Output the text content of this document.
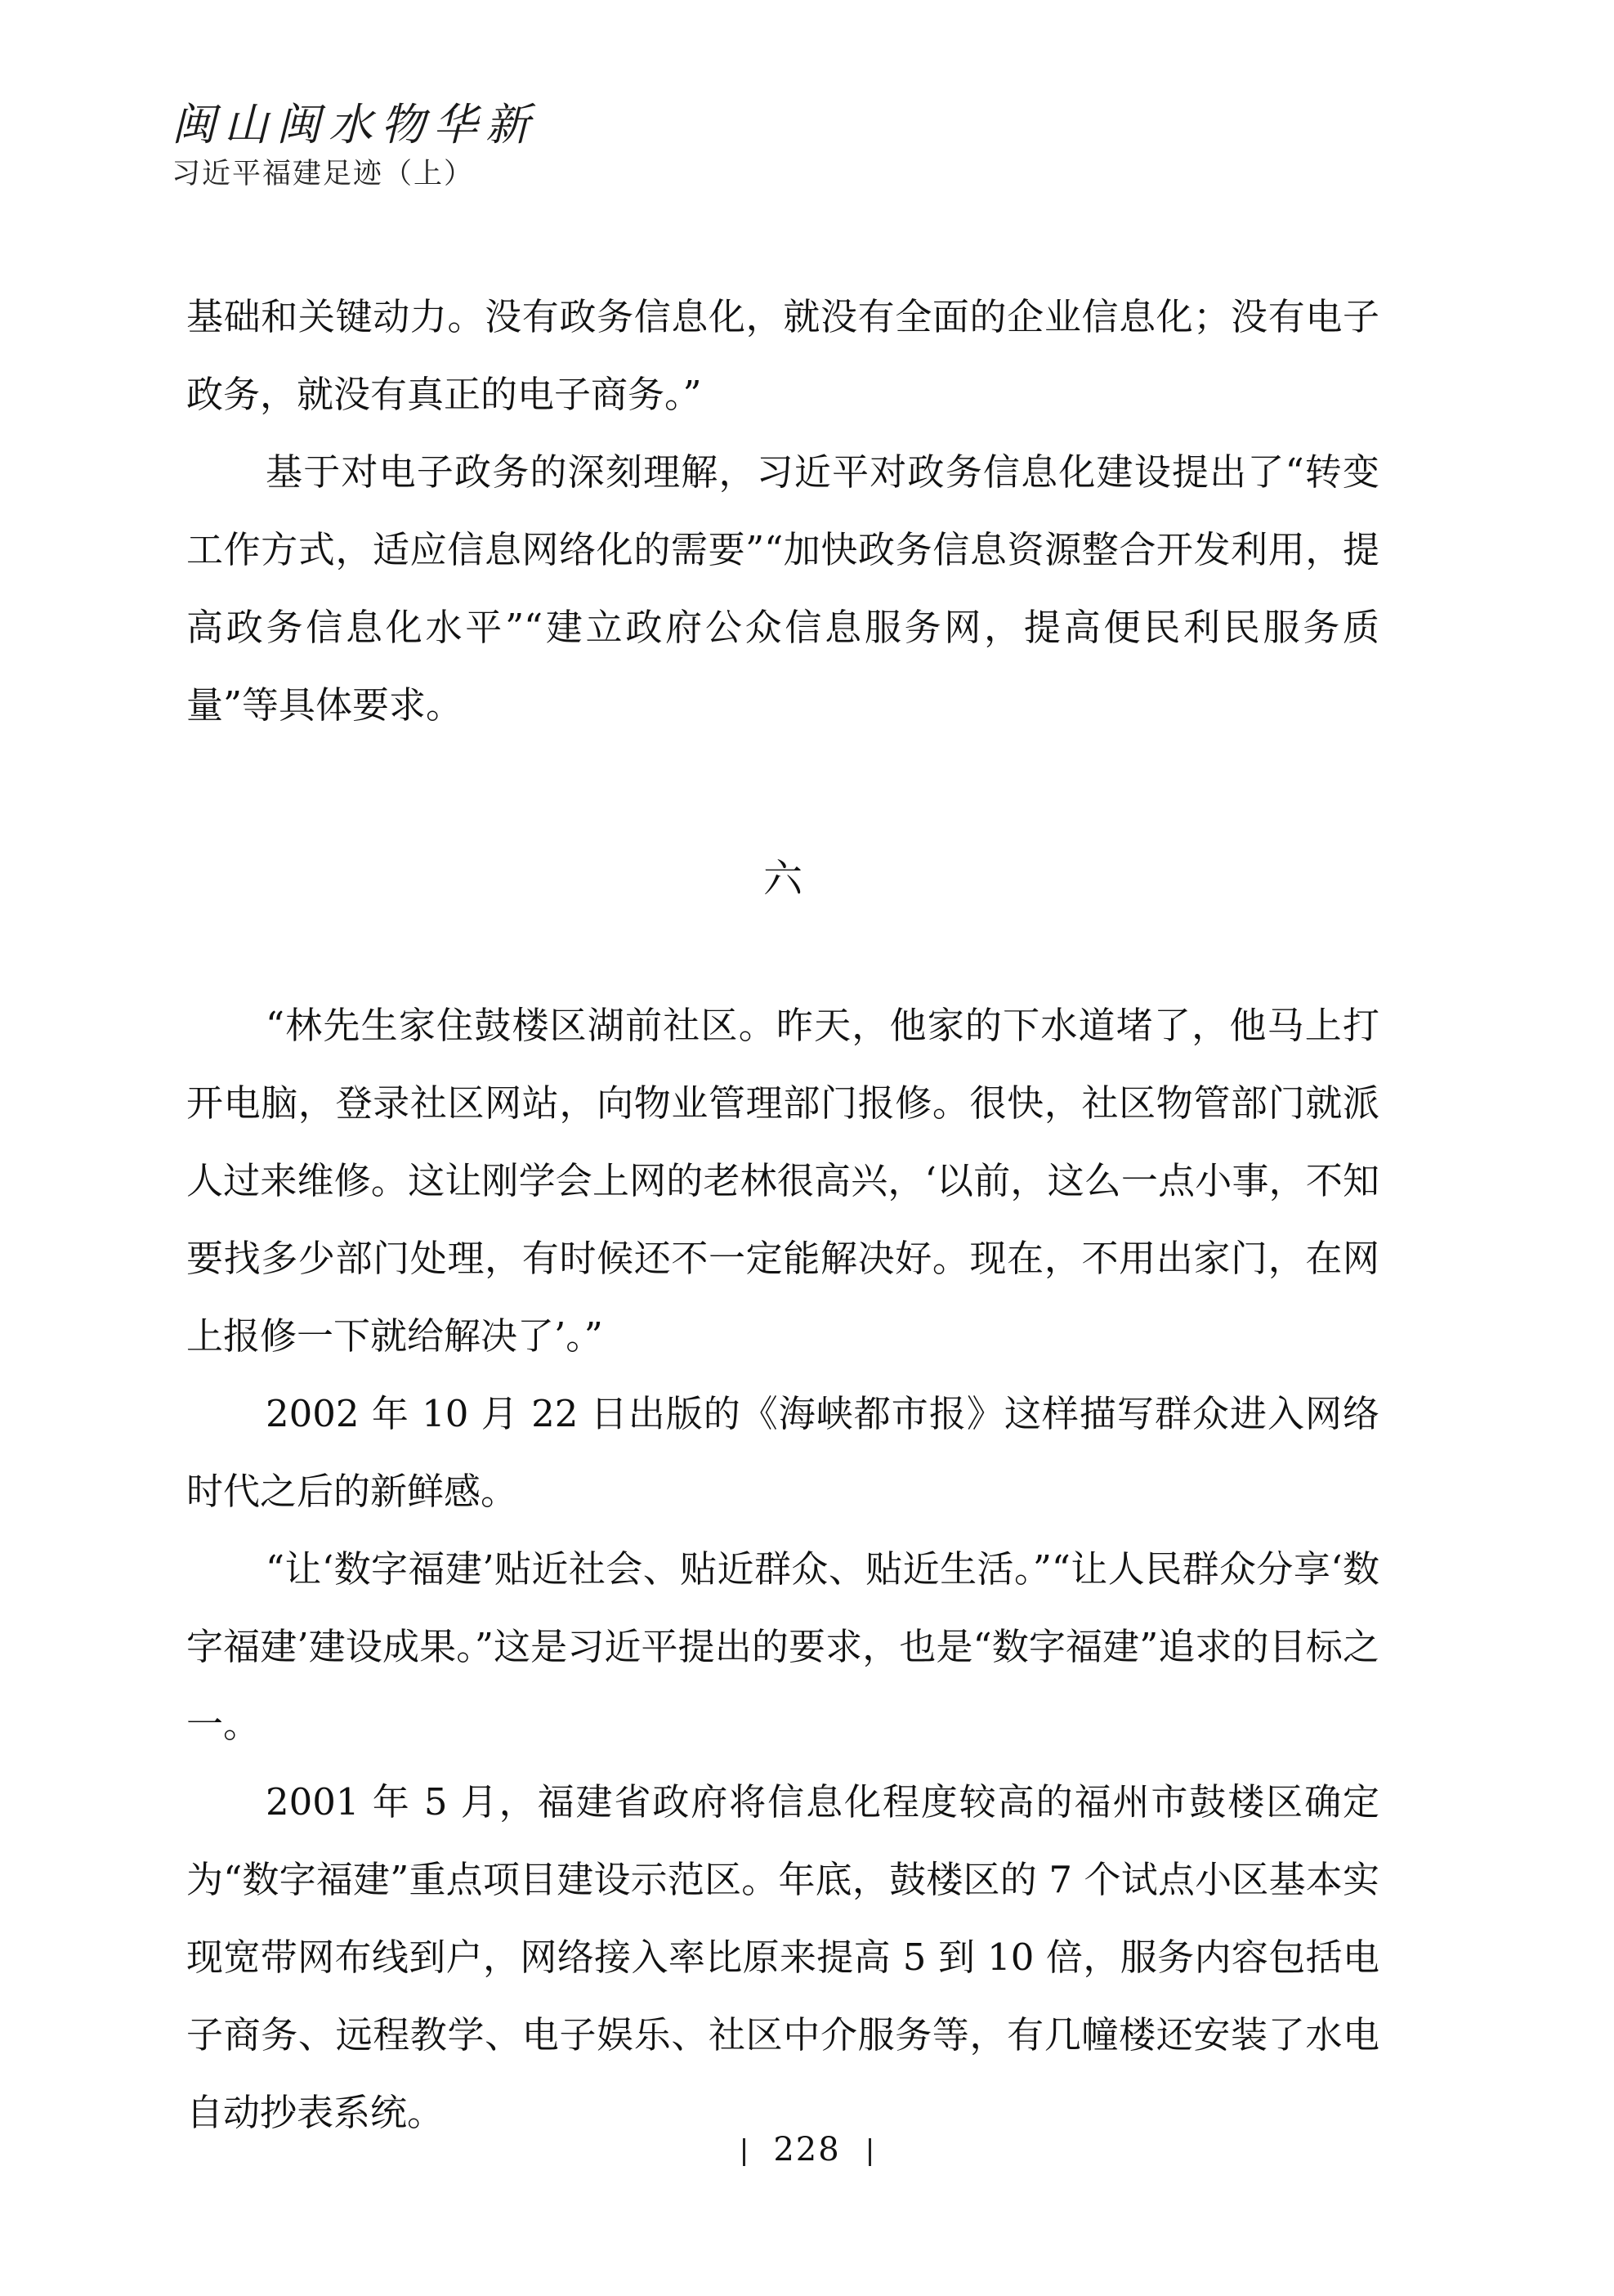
闽山闽水物华新
习近平福建足迹（上）

基础和关键动力。没有政务信息化，就没有全面的企业信息化；没有电子政务，就没有真正的电子商务。”

基于对电子政务的深刻理解，习近平对政务信息化建设提出了“转变工作方式，适应信息网络化的需要”“加快政务信息资源整合开发利用，提高政务信息化水平”“建立政府公众信息服务网，提高便民利民服务质量”等具体要求。

六

“林先生家住鼓楼区湖前社区。昨天，他家的下水道堵了，他马上打开电脑，登录社区网站，向物业管理部门报修。很快，社区物管部门就派人过来维修。这让刚学会上网的老林很高兴，‘以前，这么一点小事，不知要找多少部门处理，有时候还不一定能解决好。现在，不用出家门，在网上报修一下就给解决了’。”

2002 年 10 月 22 日出版的《海峡都市报》这样描写群众进入网络时代之后的新鲜感。

“让‘数字福建’贴近社会、贴近群众、贴近生活。”“让人民群众分享‘数字福建’建设成果。”这是习近平提出的要求，也是“数字福建”追求的目标之一。

2001 年 5 月，福建省政府将信息化程度较高的福州市鼓楼区确定为“数字福建”重点项目建设示范区。年底，鼓楼区的 7 个试点小区基本实现宽带网布线到户，网络接入率比原来提高 5 到 10 倍，服务内容包括电子商务、远程教学、电子娱乐、社区中介服务等，有几幢楼还安装了水电自动抄表系统。

228
